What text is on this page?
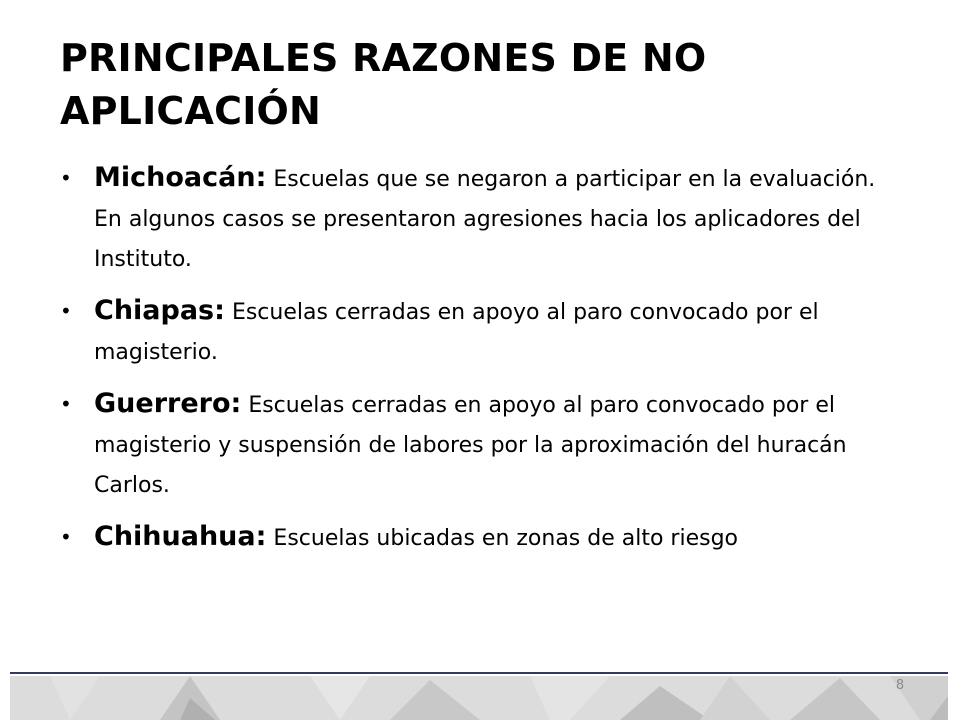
PRINCIPALES RAZONES DE NO APLICACIÓN
• Michoacán: Escuelas que se negaron a participar en la evaluación. En algunos casos se presentaron agresiones hacia los aplicadores del Instituto.
• Chiapas: Escuelas cerradas en apoyo al paro convocado por el magisterio.
• Guerrero: Escuelas cerradas en apoyo al paro convocado por el magisterio y suspensión de labores por la aproximación del huracán Carlos.
• Chihuahua: Escuelas ubicadas en zonas de alto riesgo
8
